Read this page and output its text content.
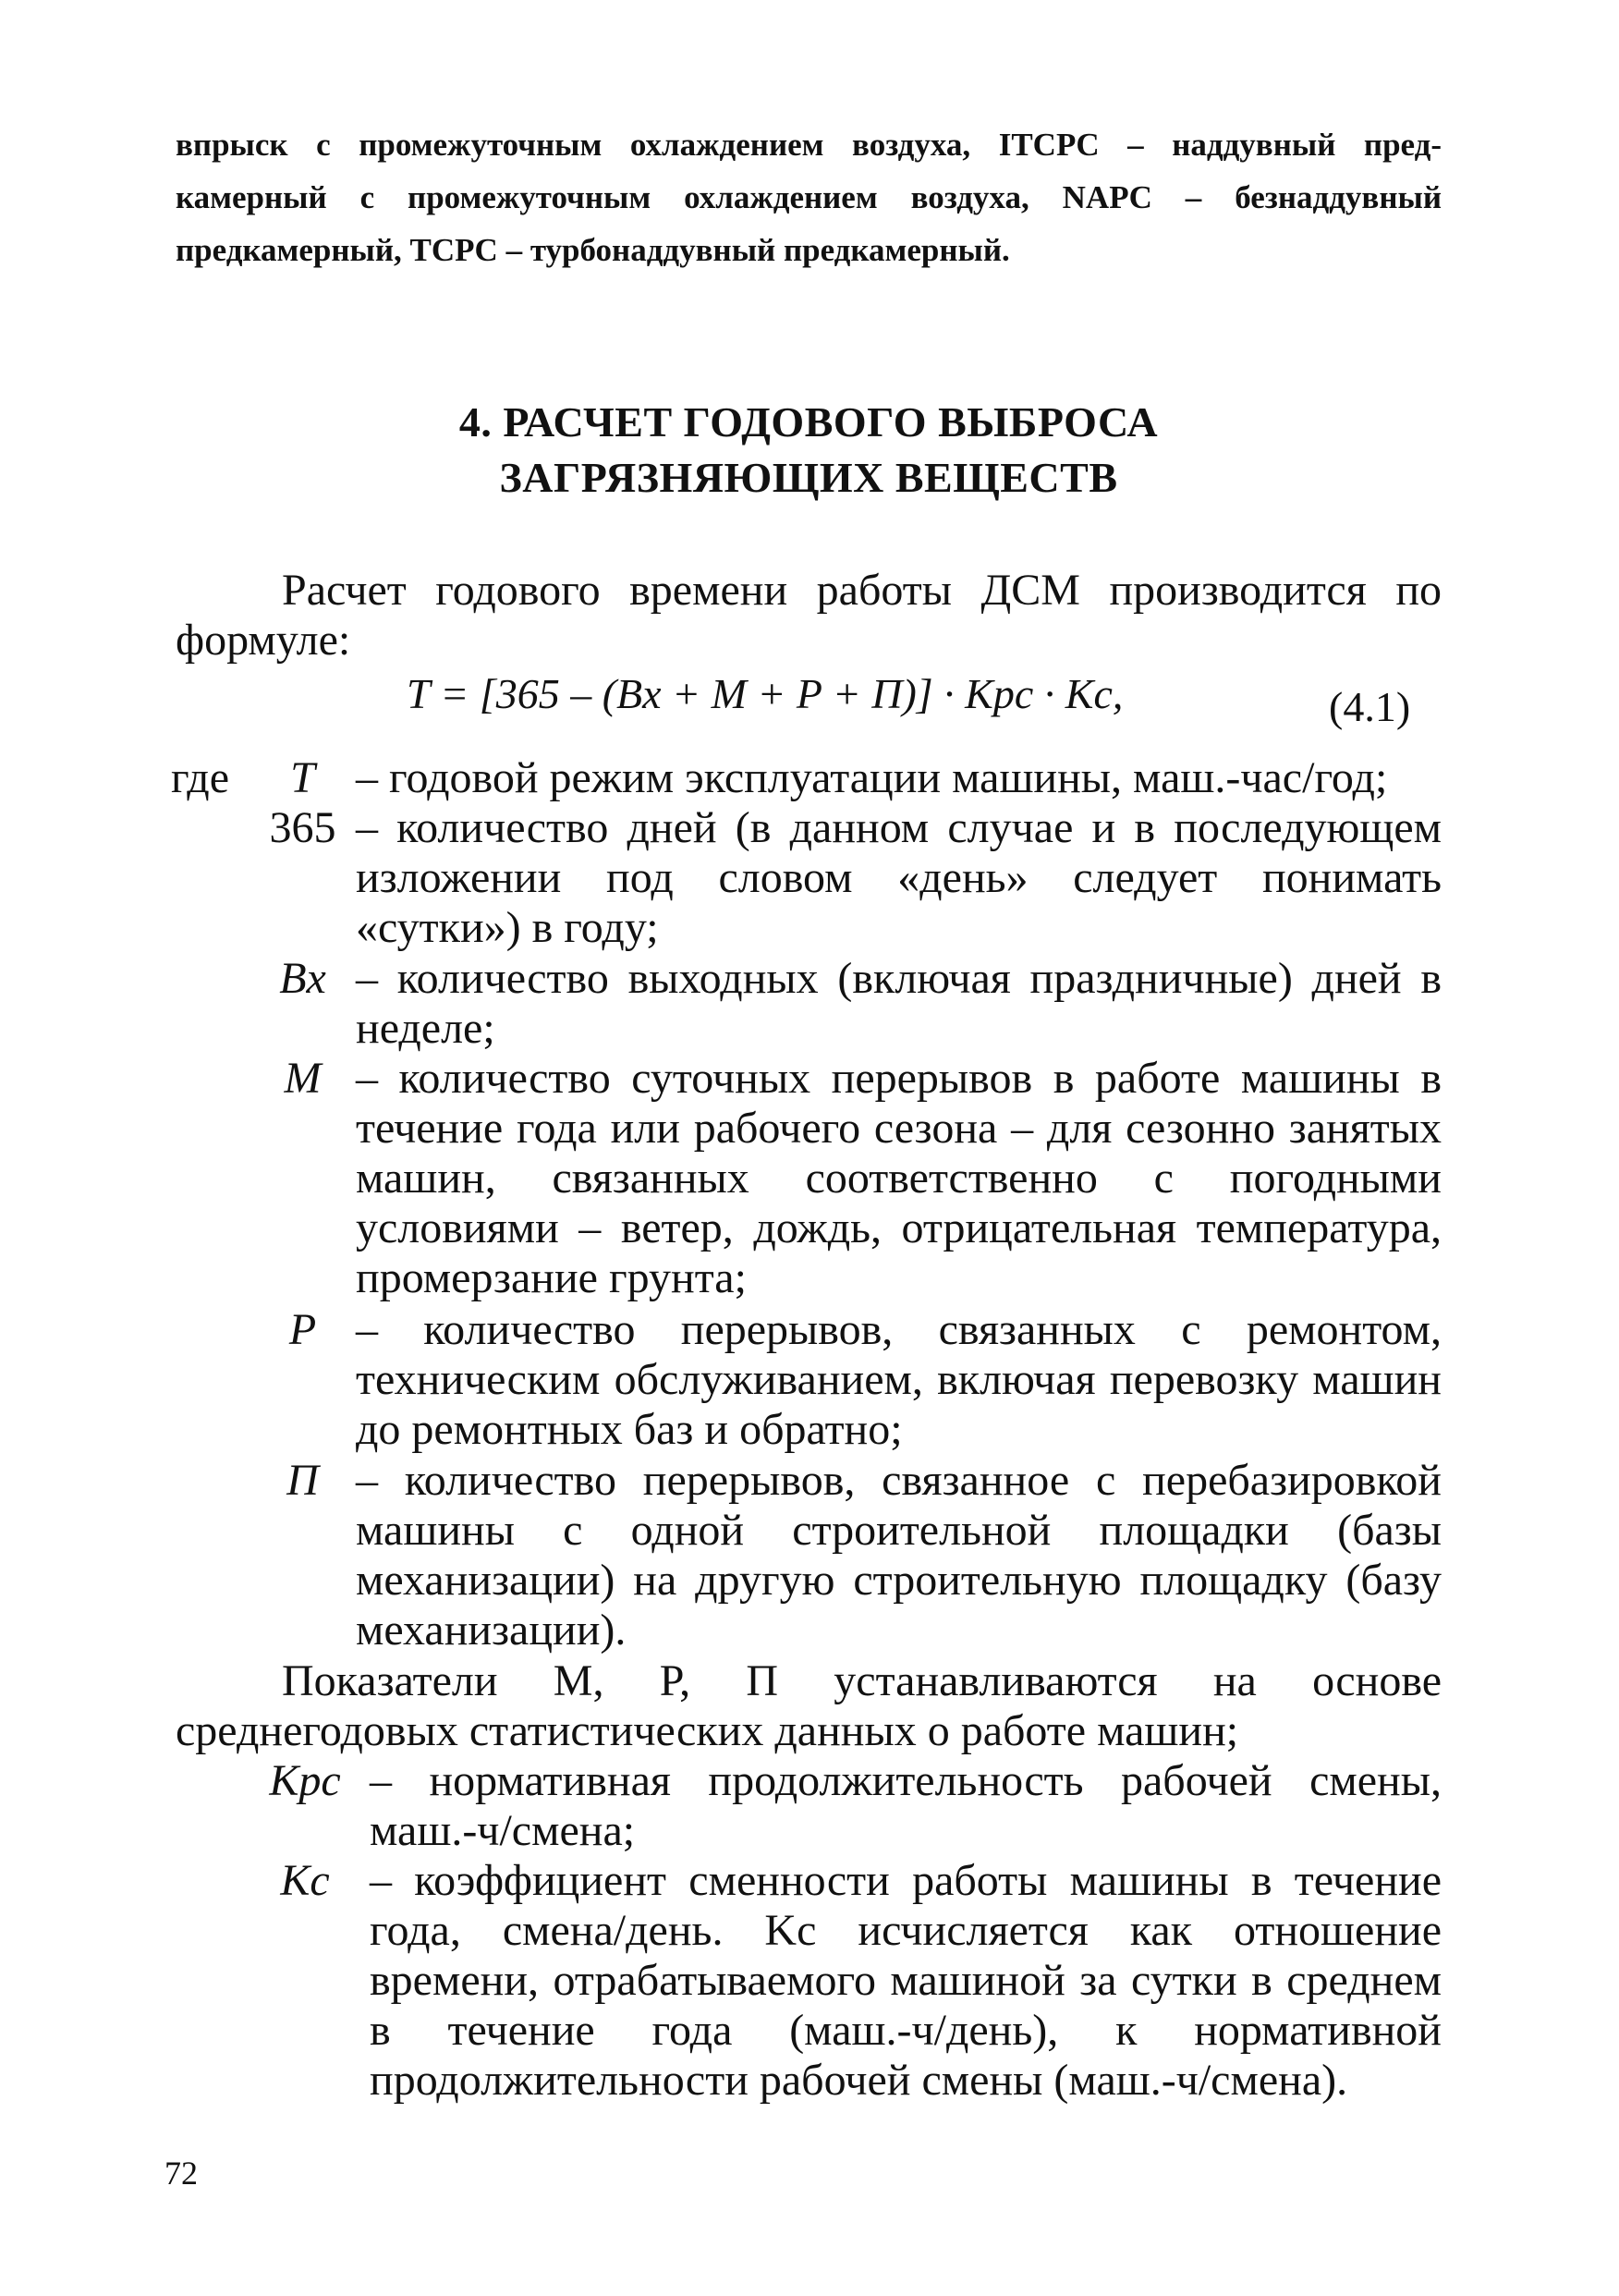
впрыск с промежуточным охлаждением воздуха, ITCPC – наддувный пред-
камерный с промежуточным охлаждением воздуха, NAPC – безнаддувный
предкамерный, TCPC – турбонаддувный предкамерный.
4. РАСЧЕТ ГОДОВОГО ВЫБРОСА
ЗАГРЯЗНЯЮЩИХ ВЕЩЕСТВ
Расчет годового времени работы ДСМ производится по формуле:
T = [365 – (Bx + M + P + П)] · Kpc · Kc,	(4.1)
где	T – годовой режим эксплуатации машины, маш.-час/год;
365 – количество дней (в данном случае и в последующем изложении под словом «день» следует понимать «сутки») в году;
Bx – количество выходных (включая праздничные) дней в неделе;
M – количество суточных перерывов в работе машины в течение года или рабочего сезона – для сезонно занятых машин, связанных соответственно с погодными условиями – ветер, дождь, отрицательная температура, промерзание грунта;
P – количество перерывов, связанных с ремонтом, техническим обслуживанием, включая перевозку машин до ремонтных баз и обратно;
П – количество перерывов, связанное с перебазировкой машины с одной строительной площадки (базы механизации) на другую строительную площадку (базу механизации).
Показатели M, P, П устанавливаются на основе среднегодовых статистических данных о работе машин;
Kpc – нормативная продолжительность рабочей смены, маш.-ч/смена;
Kc – коэффициент сменности работы машины в течение года, смена/день. Kc исчисляется как отношение времени, отрабатываемого машиной за сутки в среднем в течение года (маш.-ч/день), к нормативной продолжительности рабочей смены (маш.-ч/смена).
72
